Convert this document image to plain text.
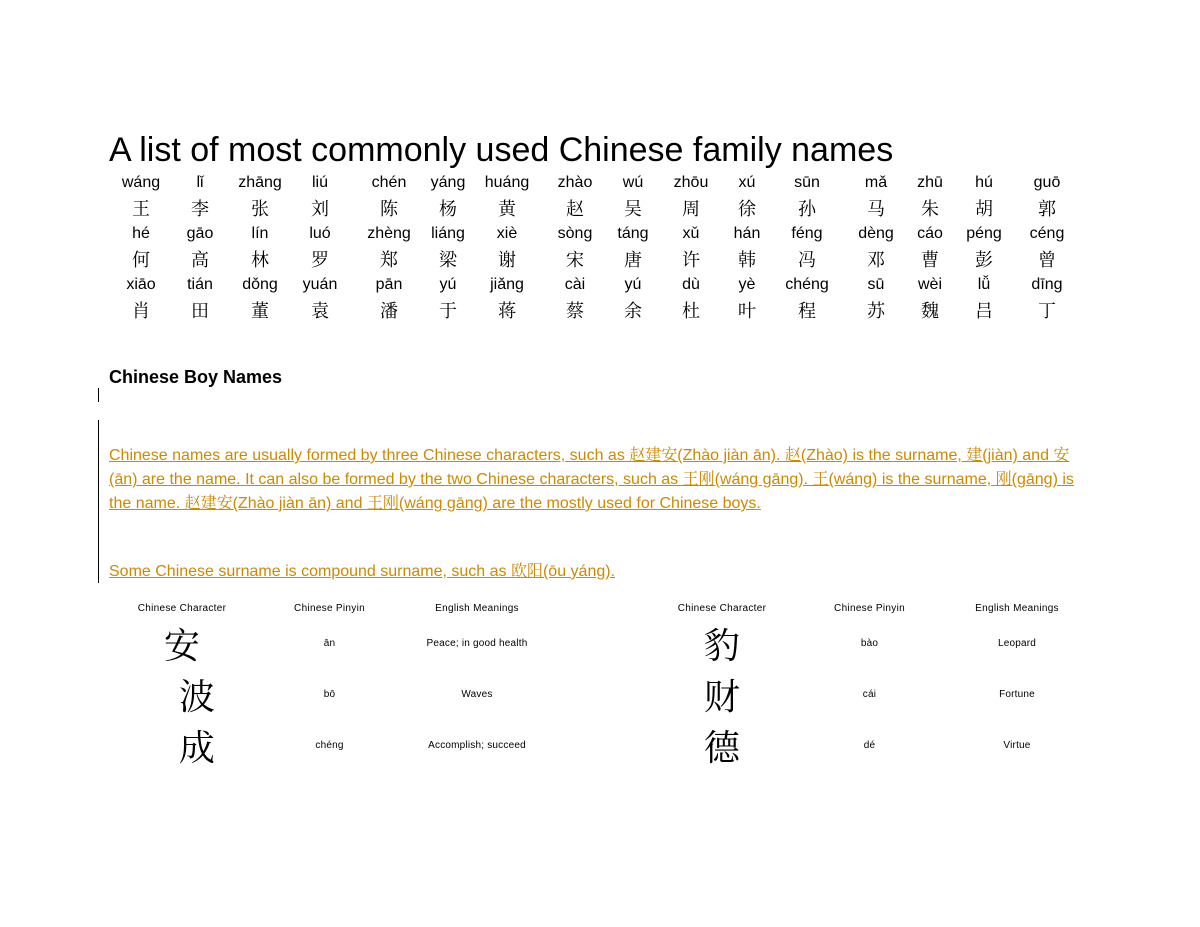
A list of most commonly used Chinese family names
wáng	lǐ	zhāng	liú	chén	yáng	huáng	zhào	wú	zhōu	xú	sūn	mǎ	zhū	hú	guō
王	李	张	刘	陈	杨	黄	赵	吴	周	徐	孙	马	朱	胡	郭
hé	gāo	lín	luó	zhèng	liáng	xiè	sòng	táng	xǔ	hán	féng	dèng	cáo	péng	céng
何	高	林	罗	郑	梁	谢	宋	唐	许	韩	冯	邓	曹	彭	曾
xiāo	tián	dǒng	yuán	pān	yú	jiǎng	cài	yú	dù	yè	chéng	sū	wèi	lǚ	dīng
肖	田	董	袁	潘	于	蒋	蔡	余	杜	叶	程	苏	魏	吕	丁
Chinese Boy Names

Chinese names are usually formed by three Chinese characters, such as 赵建安(Zhào jiàn ān). 赵(Zhào) is the surname, 建(jiàn) and 安(ān) are the name. It can also be formed by the two Chinese characters, such as 王刚(wáng gāng). 王(wáng) is the surname, 刚(gāng) is the name. 赵建安(Zhào jiàn ān) and 王刚(wáng gāng) are the mostly used for Chinese boys.

Some Chinese surname is compound surname, such as 欧阳(ōu yáng).

Chinese Character	Chinese Pinyin	English Meanings
安	ān	Peace; in good health
波	bō	Waves
成	chéng	Accomplish; succeed
Chinese Character	Chinese Pinyin	English Meanings
豹	bào	Leopard
财	cái	Fortune
德	dé	Virtue
